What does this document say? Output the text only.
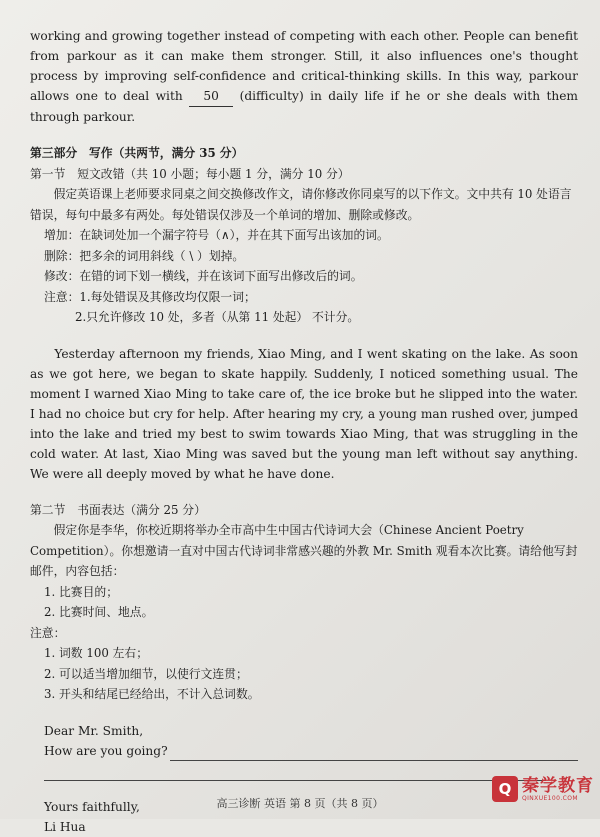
working and growing together instead of competing with each other. People can benefit from parkour as it can make them stronger. Still, it also influences one's thought process by improving self-confidence and critical-thinking skills. In this way, parkour allows one to deal with 50 (difficulty) in daily life if he or she deals with them through parkour.

第三部分　写作（共两节，满分 35 分）

第一节　短文改错（共 10 小题；每小题 1 分，满分 10 分）

假定英语课上老师要求同桌之间交换修改作文，请你修改你同桌写的以下作文。文中共有 10 处语言错误，每句中最多有两处。每处错误仅涉及一个单词的增加、删除或修改。

增加：在缺词处加一个漏字符号（∧），并在其下面写出该加的词。

删除：把多余的词用斜线（ \ ）划掉。

修改：在错的词下划一横线，并在该词下面写出修改后的词。

注意：1.每处错误及其修改均仅限一词；

2.只允许修改 10 处，多者（从第 11 处起） 不计分。

Yesterday afternoon my friends, Xiao Ming, and I went skating on the lake. As soon as we got here, we began to skate happily. Suddenly, I noticed something usual. The moment I warned Xiao Ming to take care of, the ice broke but he slipped into the water. I had no choice but cry for help. After hearing my cry, a young man rushed over, jumped into the lake and tried my best to swim towards Xiao Ming, that was struggling in the cold water. At last, Xiao Ming was saved but the young man left without say anything. We were all deeply moved by what he have done.

第二节　书面表达（满分 25 分）

假定你是李华，你校近期将举办全市高中生中国古代诗词大会（Chinese Ancient Poetry Competition）。你想邀请一直对中国古代诗词非常感兴趣的外教 Mr. Smith 观看本次比赛。请给他写封邮件，内容包括：

1. 比赛目的；

2. 比赛时间、地点。

注意：

1. 词数 100 左右；

2. 可以适当增加细节，以使行文连贯；

3. 开头和结尾已经给出，不计入总词数。

Dear Mr. Smith,

How are you going?

Yours faithfully,

Li Hua

高三诊断 英语 第 8 页（共 8 页）
Q 秦学教育
QINXUE100.COM
